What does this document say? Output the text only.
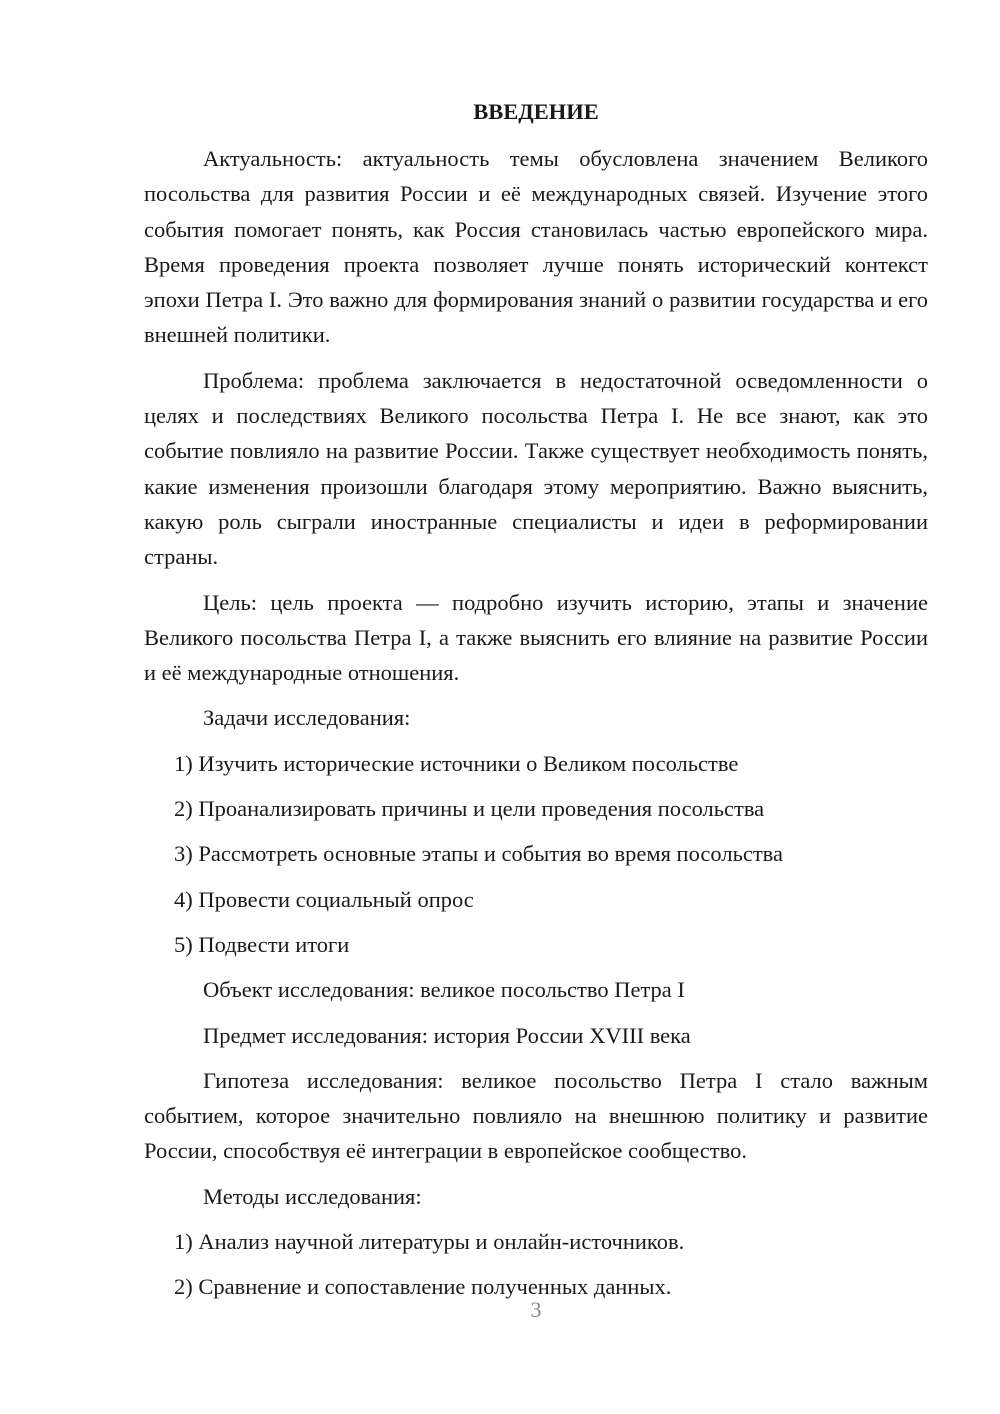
ВВЕДЕНИЕ

Актуальность: актуальность темы обусловлена значением Великого посольства для развития России и её международных связей. Изучение этого события помогает понять, как Россия становилась частью европейского мира. Время проведения проекта позволяет лучше понять исторический контекст эпохи Петра I. Это важно для формирования знаний о развитии государства и его внешней политики.

Проблема: проблема заключается в недостаточной осведомленности о целях и последствиях Великого посольства Петра I. Не все знают, как это событие повлияло на развитие России. Также существует необходимость понять, какие изменения произошли благодаря этому мероприятию. Важно выяснить, какую роль сыграли иностранные специалисты и идеи в реформировании страны.

Цель: цель проекта — подробно изучить историю, этапы и значение Великого посольства Петра I, а также выяснить его влияние на развитие России и её международные отношения.

Задачи исследования:

1) Изучить исторические источники о Великом посольстве

2) Проанализировать причины и цели проведения посольства

3) Рассмотреть основные этапы и события во время посольства

4) Провести социальный опрос

5) Подвести итоги

Объект исследования: великое посольство Петра I

Предмет исследования: история России XVIII века

Гипотеза исследования: великое посольство Петра I стало важным событием, которое значительно повлияло на внешнюю политику и развитие России, способствуя её интеграции в европейское сообщество.

Методы исследования:

1) Анализ научной литературы и онлайн-источников.

2) Сравнение и сопоставление полученных данных.

3
